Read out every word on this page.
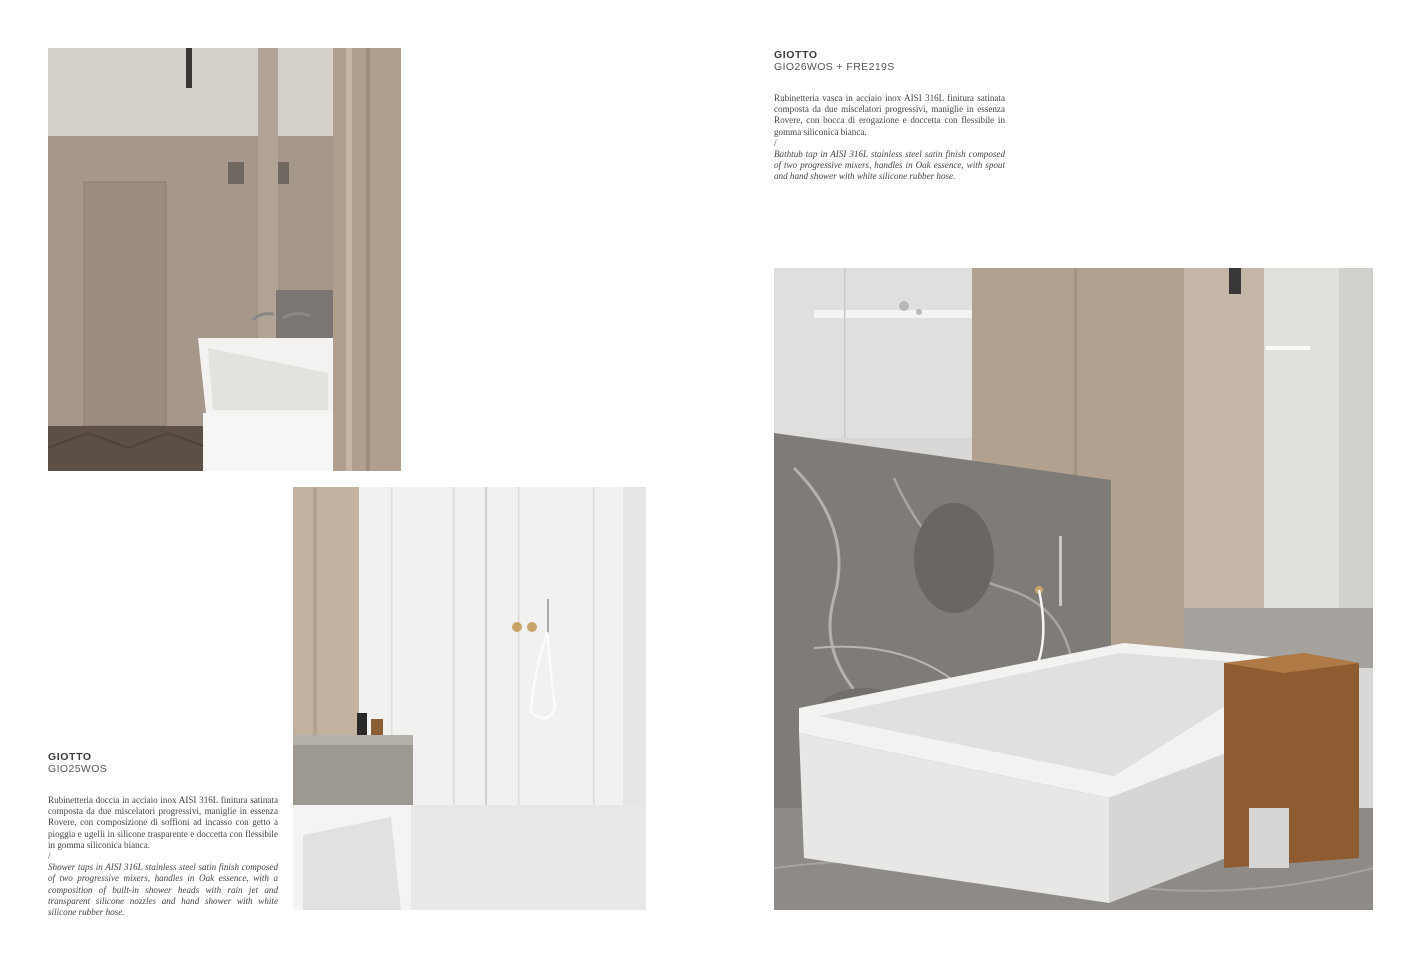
GIOTTO
GIO26WOS + FRE219S

Rubinetteria vasca in acciaio inox AISI 316L finitura satinata composta da due miscelatori progressivi, maniglie in essenza Rovere, con bocca di erogazione e doccetta con flessibile in gomma siliconica bianca.

/

Bathtub tap in AISI 316L stainless steel satin finish composed of two progressive mixers, handles in Oak essence, with spout and hand shower with white silicone rubber hose.

GIOTTO
GIO25WOS

Rubinetteria doccia in acciaio inox AISI 316L finitura satinata composta da due miscelatori progressivi, maniglie in essenza Rovere, con composizione di soffioni ad incasso con getto a pioggia e ugelli in silicone trasparente e doccetta con flessibile in gomma siliconica bianca.

/

Shower taps in AISI 316L stainless steel satin finish composed of two progressive mixers, handles in Oak essence, with a composition of built-in shower heads with rain jet and transparent silicone nozzles and hand shower with white silicone rubber hose.
